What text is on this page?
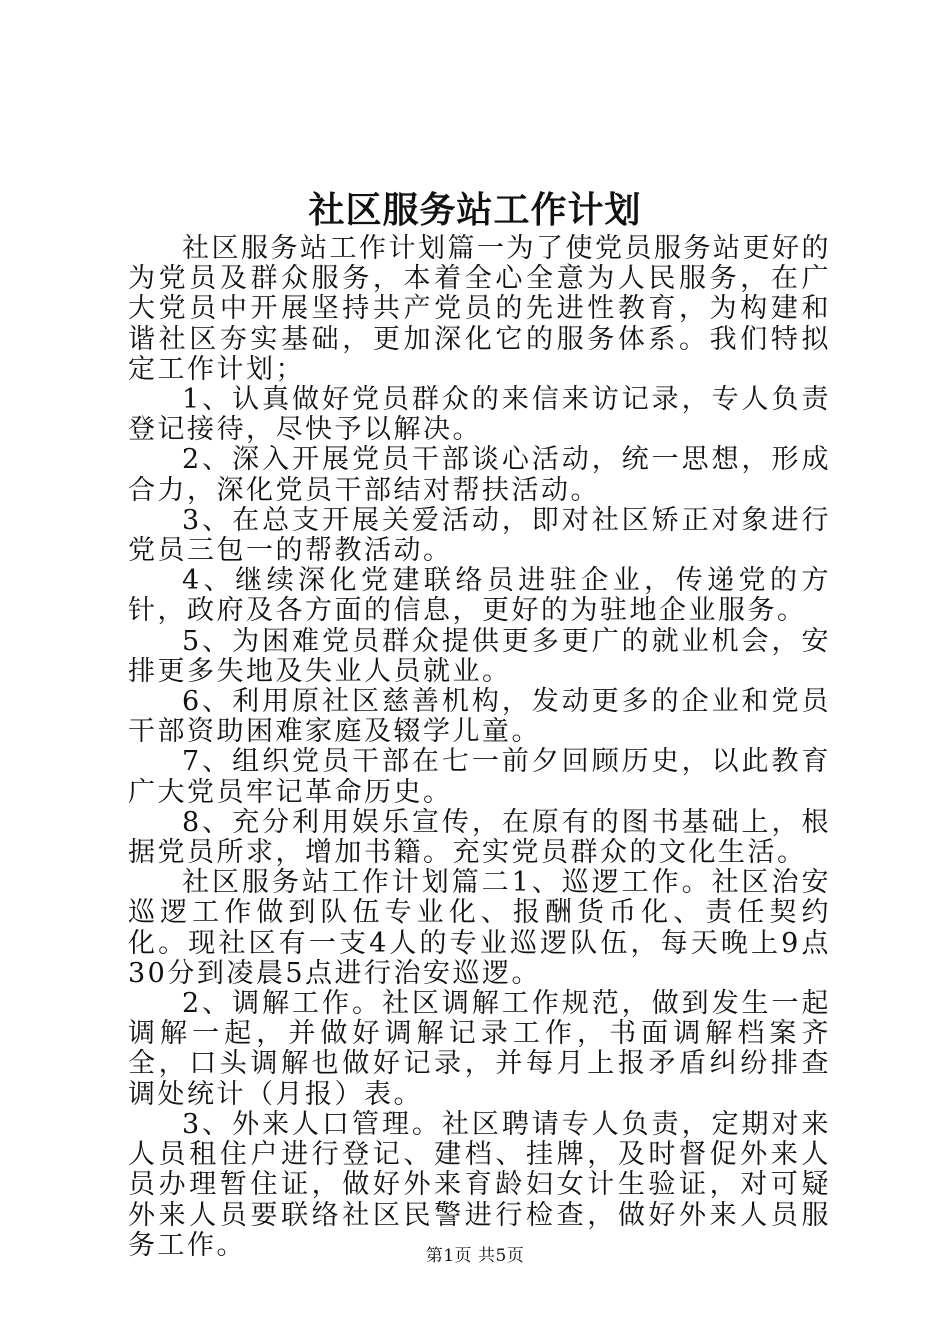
社区服务站工作计划

社区服务站工作计划篇一为了使党员服务站更好的为党员及群众服务，本着全心全意为人民服务，在广大党员中开展坚持共产党员的先进性教育，为构建和谐社区夯实基础，更加深化它的服务体系。我们特拟定工作计划；

1、认真做好党员群众的来信来访记录，专人负责登记接待，尽快予以解决。

2、深入开展党员干部谈心活动，统一思想，形成合力，深化党员干部结对帮扶活动。

3、在总支开展关爱活动，即对社区矫正对象进行党员三包一的帮教活动。

4、继续深化党建联络员进驻企业，传递党的方针，政府及各方面的信息，更好的为驻地企业服务。

5、为困难党员群众提供更多更广的就业机会，安排更多失地及失业人员就业。

6、利用原社区慈善机构，发动更多的企业和党员干部资助困难家庭及辍学儿童。

7、组织党员干部在七一前夕回顾历史，以此教育广大党员牢记革命历史。

8、充分利用娱乐宣传，在原有的图书基础上，根据党员所求，增加书籍。充实党员群众的文化生活。

社区服务站工作计划篇二1、巡逻工作。社区治安巡逻工作做到队伍专业化、报酬货币化、责任契约化。现社区有一支4人的专业巡逻队伍，每天晚上9点30分到凌晨5点进行治安巡逻。

2、调解工作。社区调解工作规范，做到发生一起调解一起，并做好调解记录工作，书面调解档案齐全，口头调解也做好记录，并每月上报矛盾纠纷排查调处统计（月报）表。

3、外来人口管理。社区聘请专人负责，定期对来人员租住户进行登记、建档、挂牌，及时督促外来人员办理暂住证，做好外来育龄妇女计生验证，对可疑外来人员要联络社区民警进行检查，做好外来人员服务工作。	第1页 共5页
